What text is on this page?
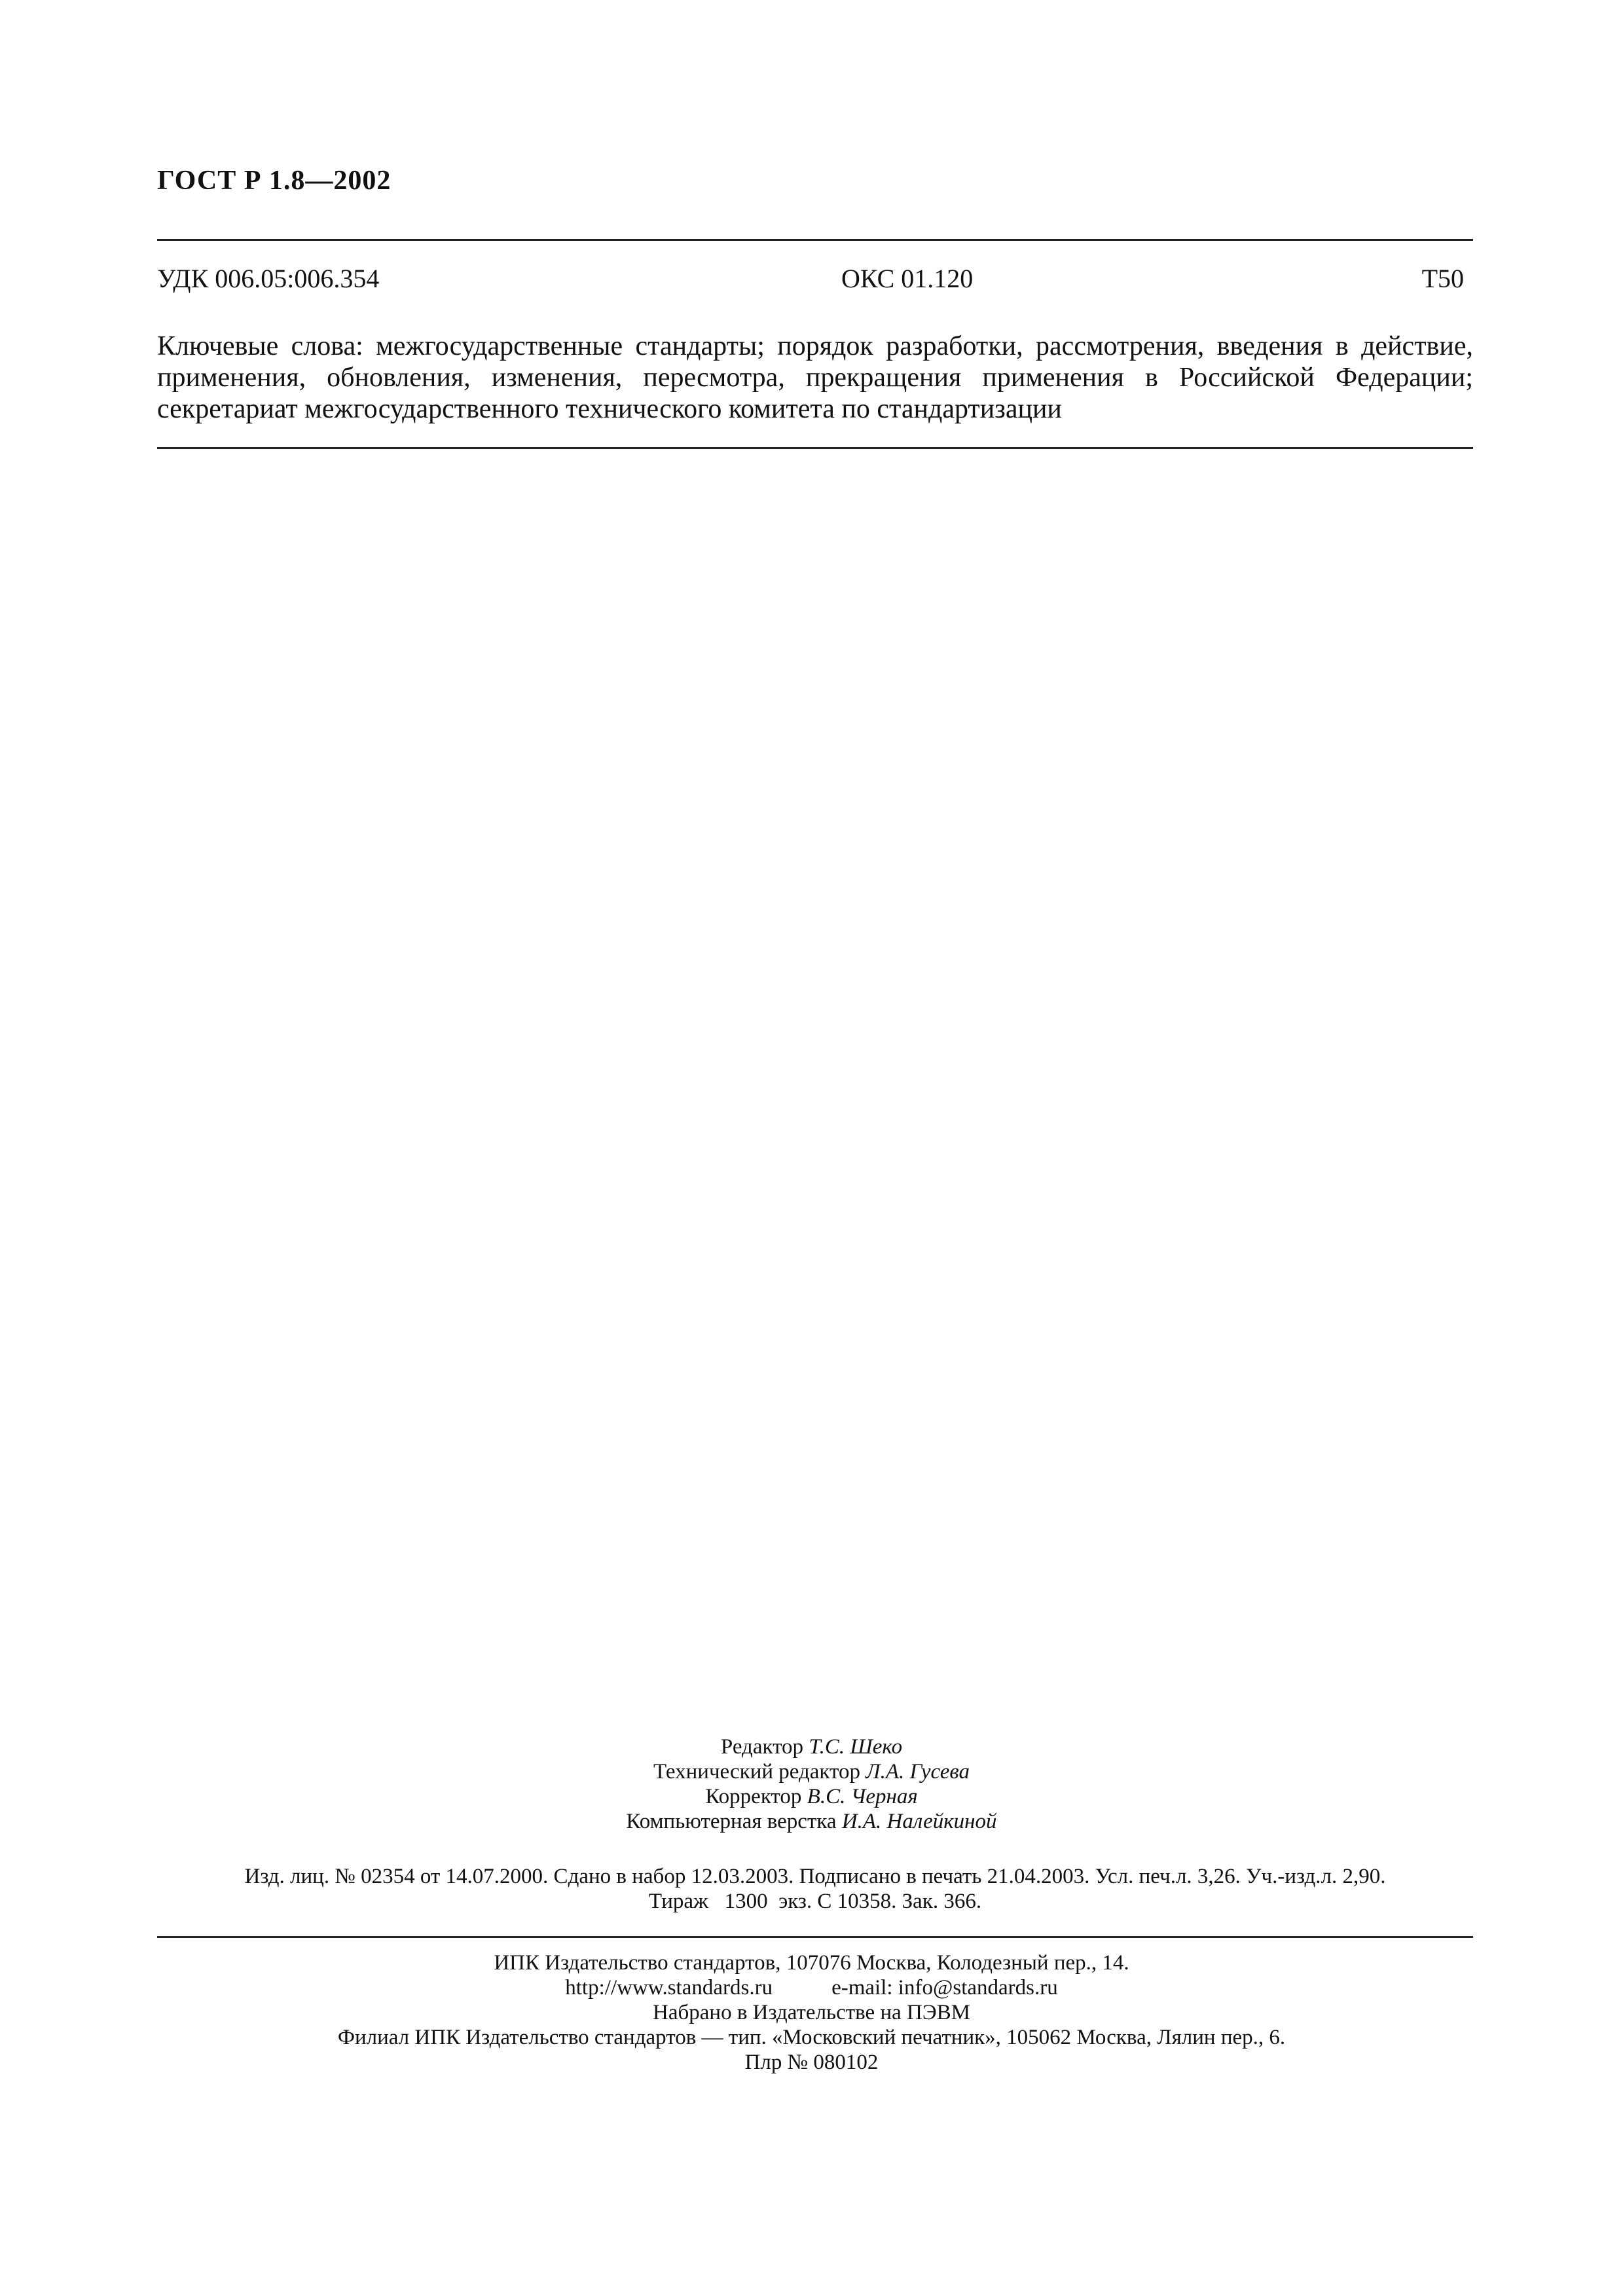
ГОСТ Р 1.8—2002
УДК 006.05:006.354	ОКС 01.120	Т50
Ключевые слова: межгосударственные стандарты; порядок разработки, рассмотрения, введения в действие, применения, обновления, изменения, пересмотра, прекращения применения в Российской Федерации; секретариат межгосударственного технического комитета по стандартизации
Редактор Т.С. Шеко
Технический редактор Л.А. Гусева
Корректор В.С. Черная
Компьютерная верстка И.А. Налейкиной
Изд. лиц. № 02354 от 14.07.2000. Сдано в набор 12.03.2003. Подписано в печать 21.04.2003. Усл. печ.л. 3,26. Уч.-изд.л. 2,90.
Тираж   1300  экз. С 10358. Зак. 366.
ИПК Издательство стандартов, 107076 Москва, Колодезный пер., 14.
http://www.standards.ru	e-mail: info@standards.ru
Набрано в Издательстве на ПЭВМ
Филиал ИПК Издательство стандартов — тип. «Московский печатник», 105062 Москва, Лялин пер., 6.
Плр № 080102
